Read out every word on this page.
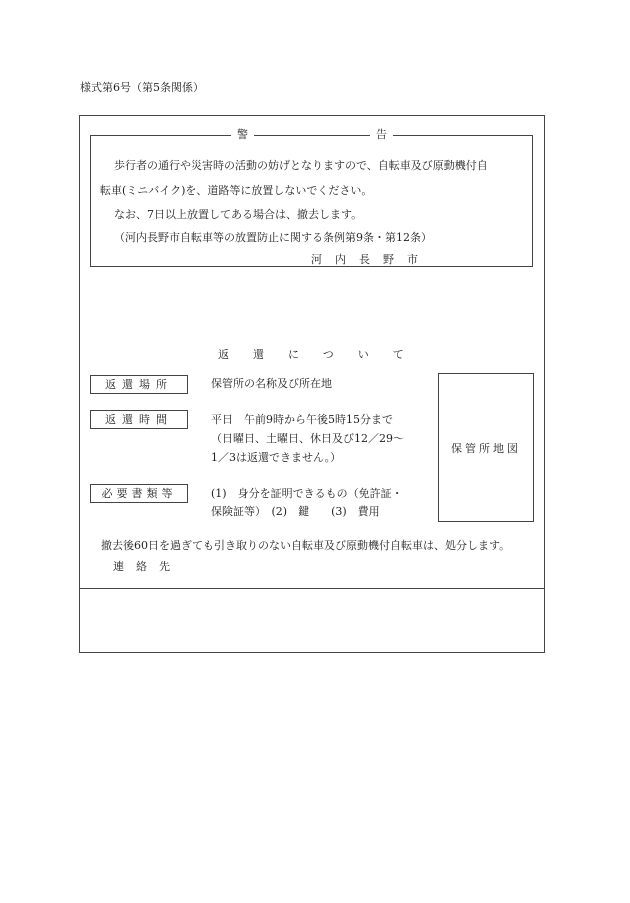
様式第6号（第5条関係）
警	告
歩行者の通行や災害時の活動の妨げとなりますので、自転車及び原動機付自
転車(ミニバイク)を、道路等に放置しないでください。
なお、7日以上放置してある場合は、撤去します。
（河内長野市自転車等の放置防止に関する条例第9条・第12条）
河内長野市
返還について
返還場所	保管所の名称及び所在地
返還時間	平日　午前9時から午後5時15分まで
（日曜日、土曜日、休日及び12／29～
1／3は返還できません。）
必要書類等	(1)　身分を証明できるもの（免許証・
保険証等）　(2)　鍵　　(3)　費用
保管所地図
撤去後60日を過ぎても引き取りのない自転車及び原動機付自転車は、処分します。
連絡先
